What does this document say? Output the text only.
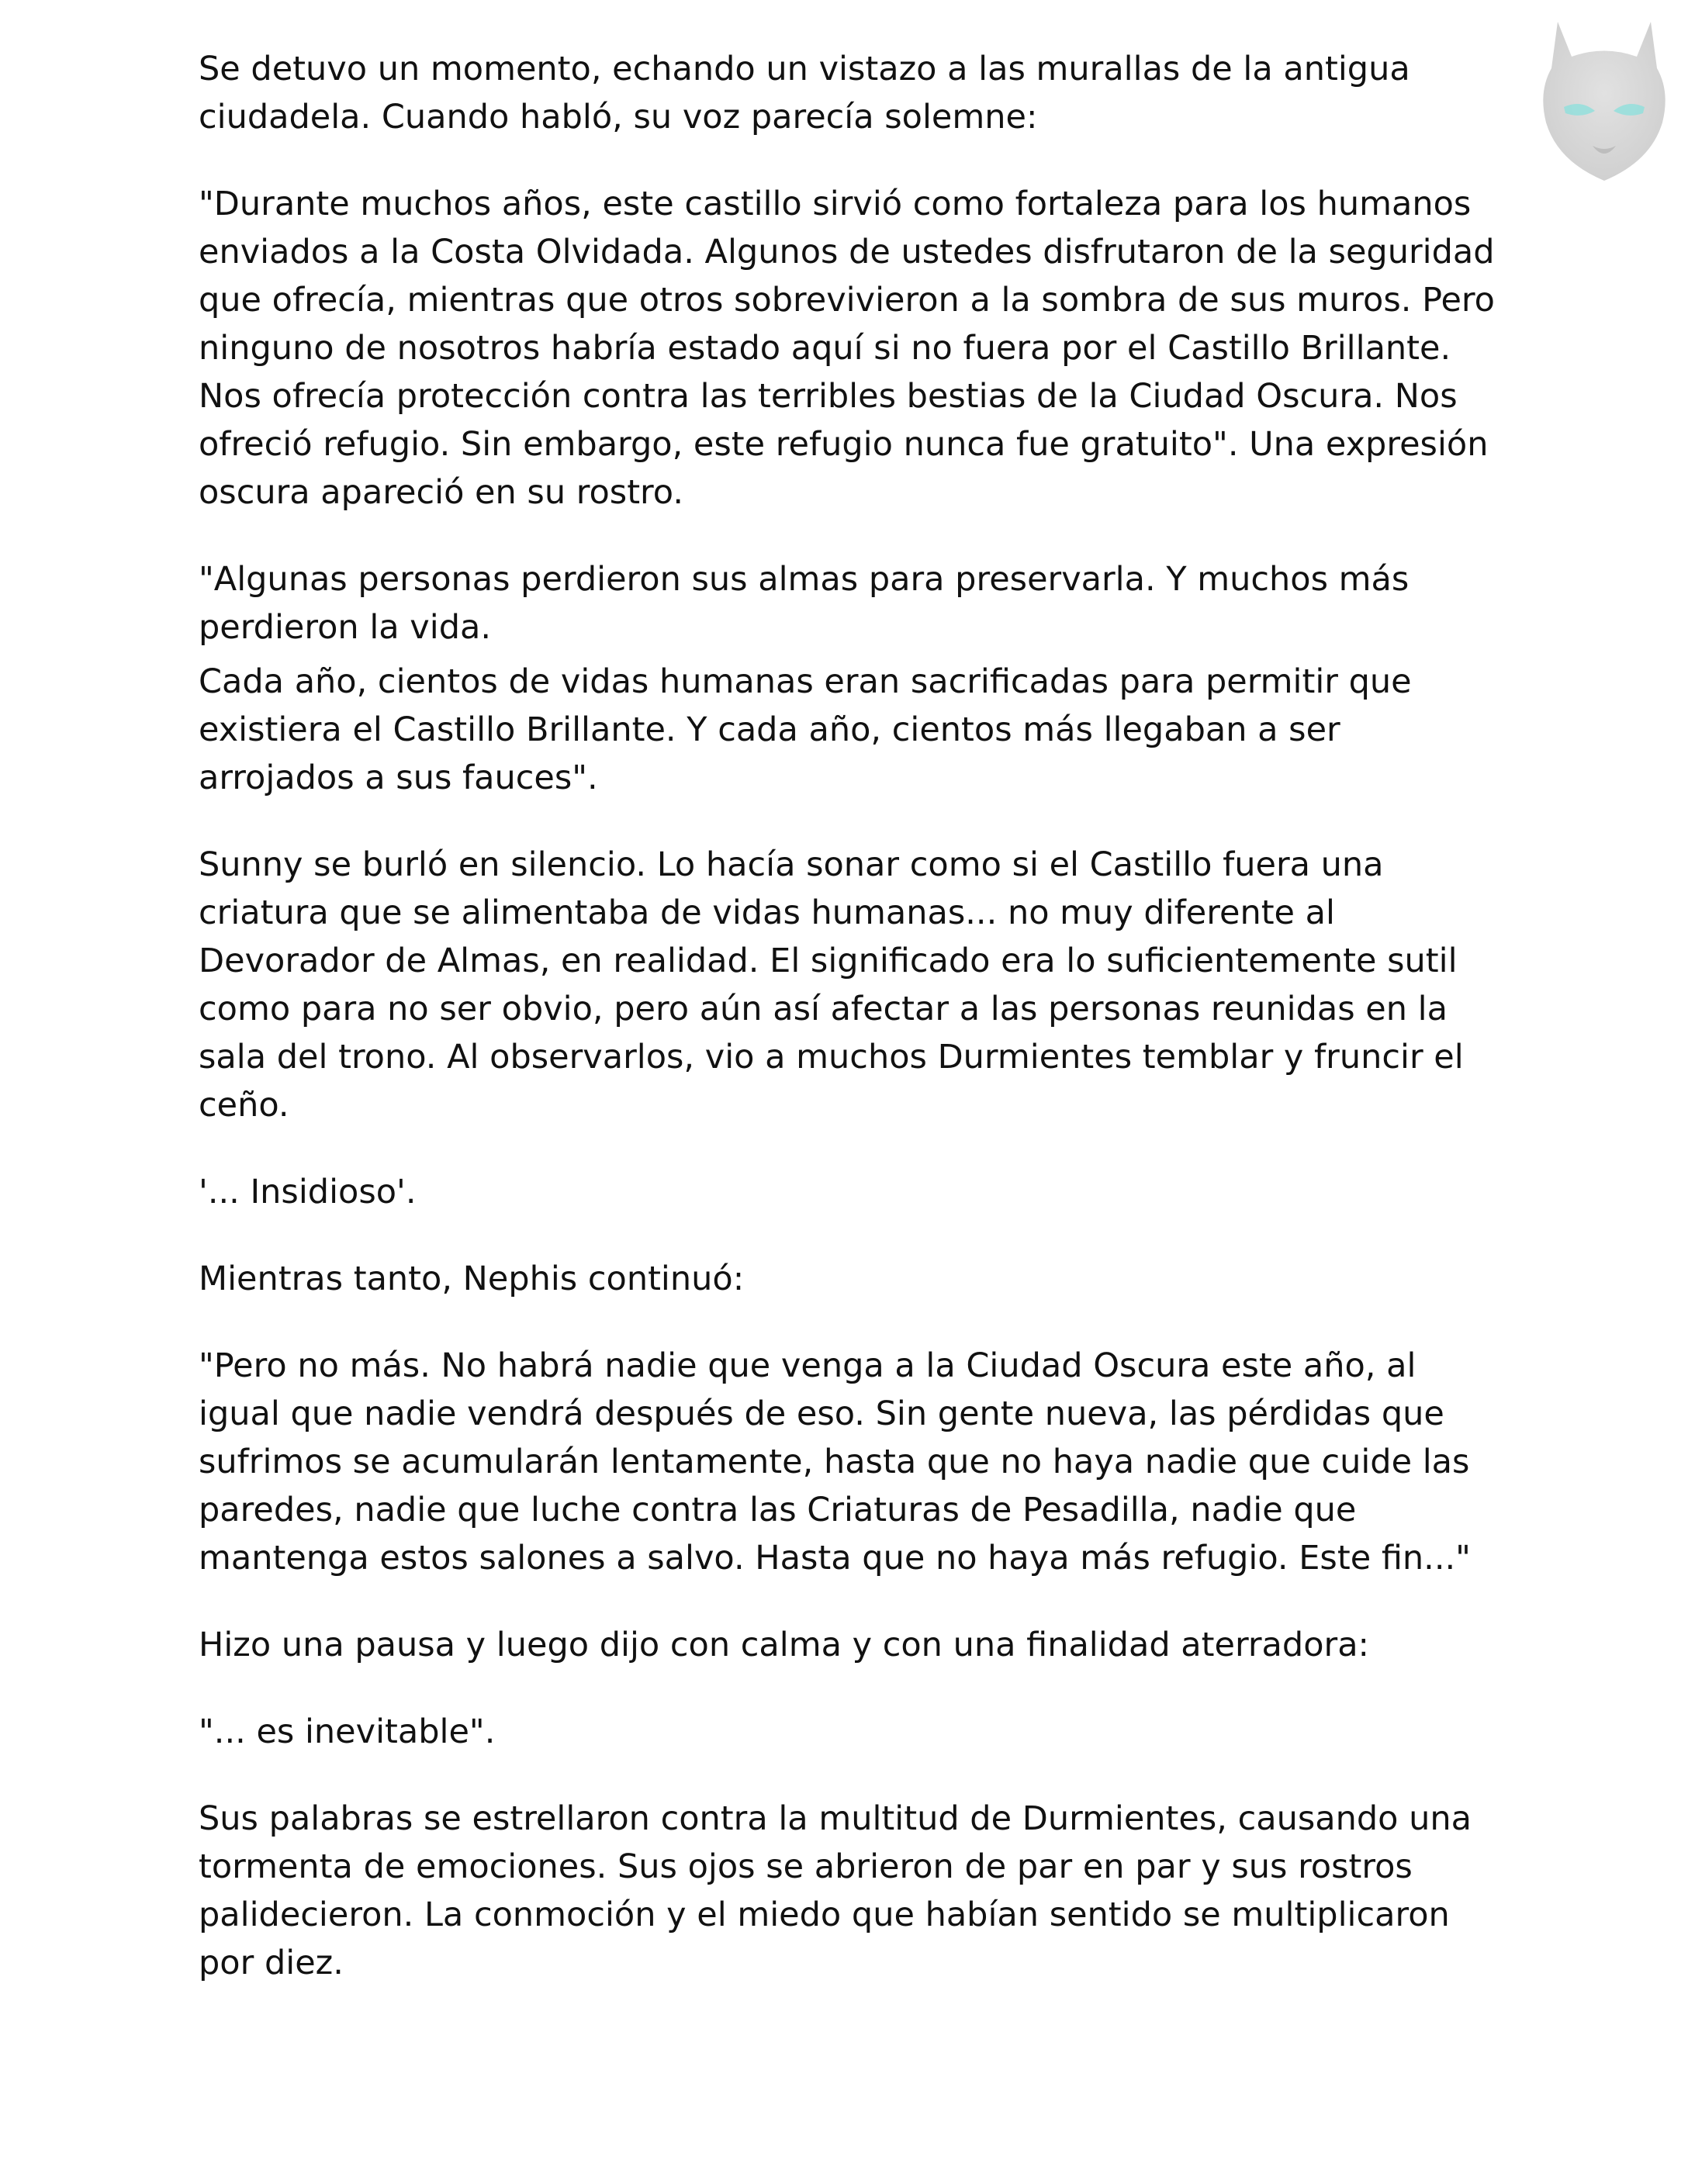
Se detuvo un momento, echando un vistazo a las murallas de la antigua ciudadela. Cuando habló, su voz parecía solemne:

"Durante muchos años, este castillo sirvió como fortaleza para los humanos enviados a la Costa Olvidada. Algunos de ustedes disfrutaron de la seguridad que ofrecía, mientras que otros sobrevivieron a la sombra de sus muros. Pero ninguno de nosotros habría estado aquí si no fuera por el Castillo Brillante. Nos ofrecía protección contra las terribles bestias de la Ciudad Oscura. Nos ofreció refugio. Sin embargo, este refugio nunca fue gratuito". Una expresión oscura apareció en su rostro.

"Algunas personas perdieron sus almas para preservarla. Y muchos más perdieron la vida.

Cada año, cientos de vidas humanas eran sacrificadas para permitir que existiera el Castillo Brillante. Y cada año, cientos más llegaban a ser arrojados a sus fauces".

Sunny se burló en silencio. Lo hacía sonar como si el Castillo fuera una criatura que se alimentaba de vidas humanas... no muy diferente al Devorador de Almas, en realidad. El significado era lo suficientemente sutil como para no ser obvio, pero aún así afectar a las personas reunidas en la sala del trono. Al observarlos, vio a muchos Durmientes temblar y fruncir el ceño.

'... Insidioso'.

Mientras tanto, Nephis continuó:

"Pero no más. No habrá nadie que venga a la Ciudad Oscura este año, al igual que nadie vendrá después de eso. Sin gente nueva, las pérdidas que sufrimos se acumularán lentamente, hasta que no haya nadie que cuide las paredes, nadie que luche contra las Criaturas de Pesadilla, nadie que mantenga estos salones a salvo. Hasta que no haya más refugio. Este fin..."

Hizo una pausa y luego dijo con calma y con una finalidad aterradora:

"... es inevitable".

Sus palabras se estrellaron contra la multitud de Durmientes, causando una tormenta de emociones. Sus ojos se abrieron de par en par y sus rostros palidecieron. La conmoción y el miedo que habían sentido se multiplicaron por diez.
